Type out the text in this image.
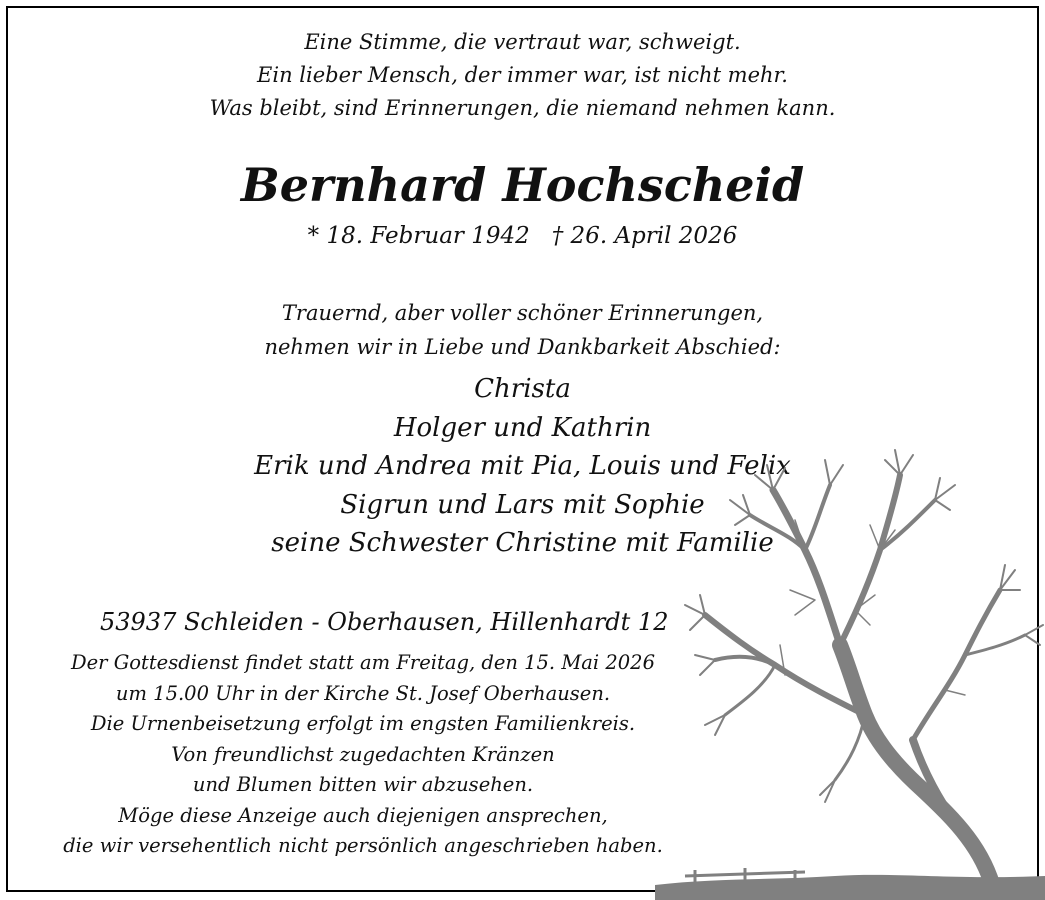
Eine Stimme, die vertraut war, schweigt.
Ein lieber Mensch, der immer war, ist nicht mehr.
Was bleibt, sind Erinnerungen, die niemand nehmen kann.
Bernhard Hochscheid
* 18. Februar 1942 † 26. April 2026
Trauernd, aber voller schöner Erinnerungen,
nehmen wir in Liebe und Dankbarkeit Abschied:
Christa
Holger und Kathrin
Erik und Andrea mit Pia, Louis und Felix
Sigrun und Lars mit Sophie
seine Schwester Christine mit Familie
53937 Schleiden - Oberhausen, Hillenhardt 12
Der Gottesdienst findet statt am Freitag, den 15. Mai 2026
um 15.00 Uhr in der Kirche St. Josef Oberhausen.
Die Urnenbeisetzung erfolgt im engsten Familienkreis.
Von freundlichst zugedachten Kränzen
und Blumen bitten wir abzusehen.
Möge diese Anzeige auch diejenigen ansprechen,
die wir versehentlich nicht persönlich angeschrieben haben.
